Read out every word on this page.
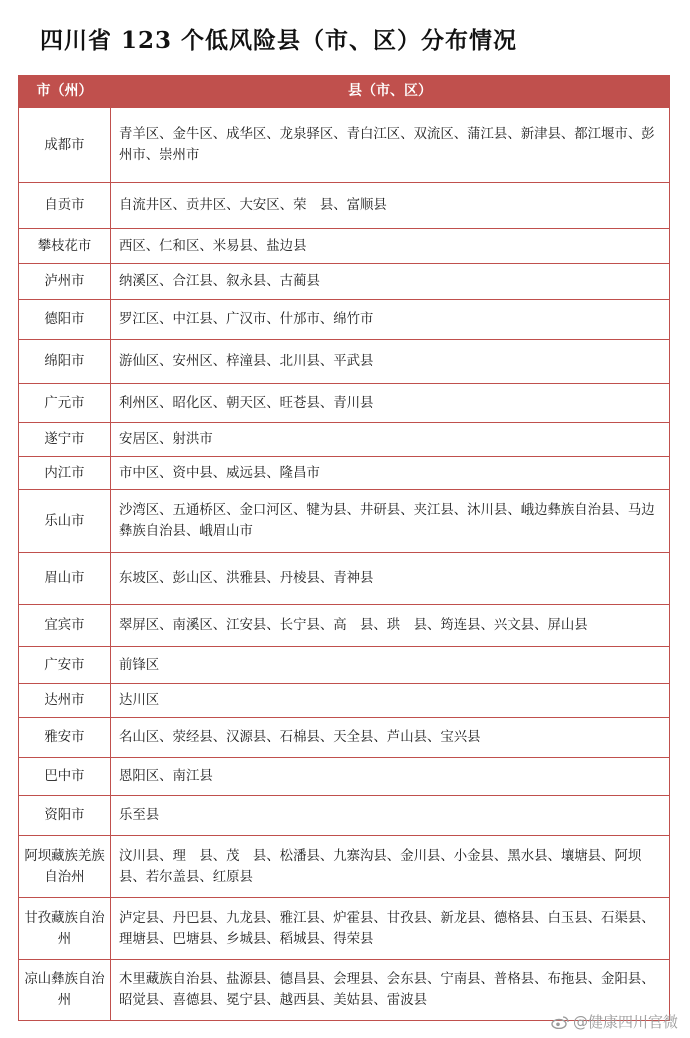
四川省 123 个低风险县（市、区）分布情况
市（州）	县（市、区）
成都市	青羊区、金牛区、成华区、龙泉驿区、青白江区、双流区、蒲江县、新津县、都江堰市、彭州市、崇州市
自贡市	自流井区、贡井区、大安区、荣　县、富顺县
攀枝花市	西区、仁和区、米易县、盐边县
泸州市	纳溪区、合江县、叙永县、古蔺县
德阳市	罗江区、中江县、广汉市、什邡市、绵竹市
绵阳市	游仙区、安州区、梓潼县、北川县、平武县
广元市	利州区、昭化区、朝天区、旺苍县、青川县
遂宁市	安居区、射洪市
内江市	市中区、资中县、威远县、隆昌市
乐山市	沙湾区、五通桥区、金口河区、犍为县、井研县、夹江县、沐川县、峨边彝族自治县、马边彝族自治县、峨眉山市
眉山市	东坡区、彭山区、洪雅县、丹棱县、青神县
宜宾市	翠屏区、南溪区、江安县、长宁县、高　县、珙　县、筠连县、兴文县、屏山县
广安市	前锋区
达州市	达川区
雅安市	名山区、荥经县、汉源县、石棉县、天全县、芦山县、宝兴县
巴中市	恩阳区、南江县
资阳市	乐至县
阿坝藏族羌族自治州	汶川县、理　县、茂　县、松潘县、九寨沟县、金川县、小金县、黑水县、壤塘县、阿坝县、若尔盖县、红原县
甘孜藏族自治州	泸定县、丹巴县、九龙县、雅江县、炉霍县、甘孜县、新龙县、德格县、白玉县、石渠县、理塘县、巴塘县、乡城县、稻城县、得荣县
凉山彝族自治州	木里藏族自治县、盐源县、德昌县、会理县、会东县、宁南县、普格县、布拖县、金阳县、昭觉县、喜德县、冕宁县、越西县、美姑县、雷波县
@健康四川官微
